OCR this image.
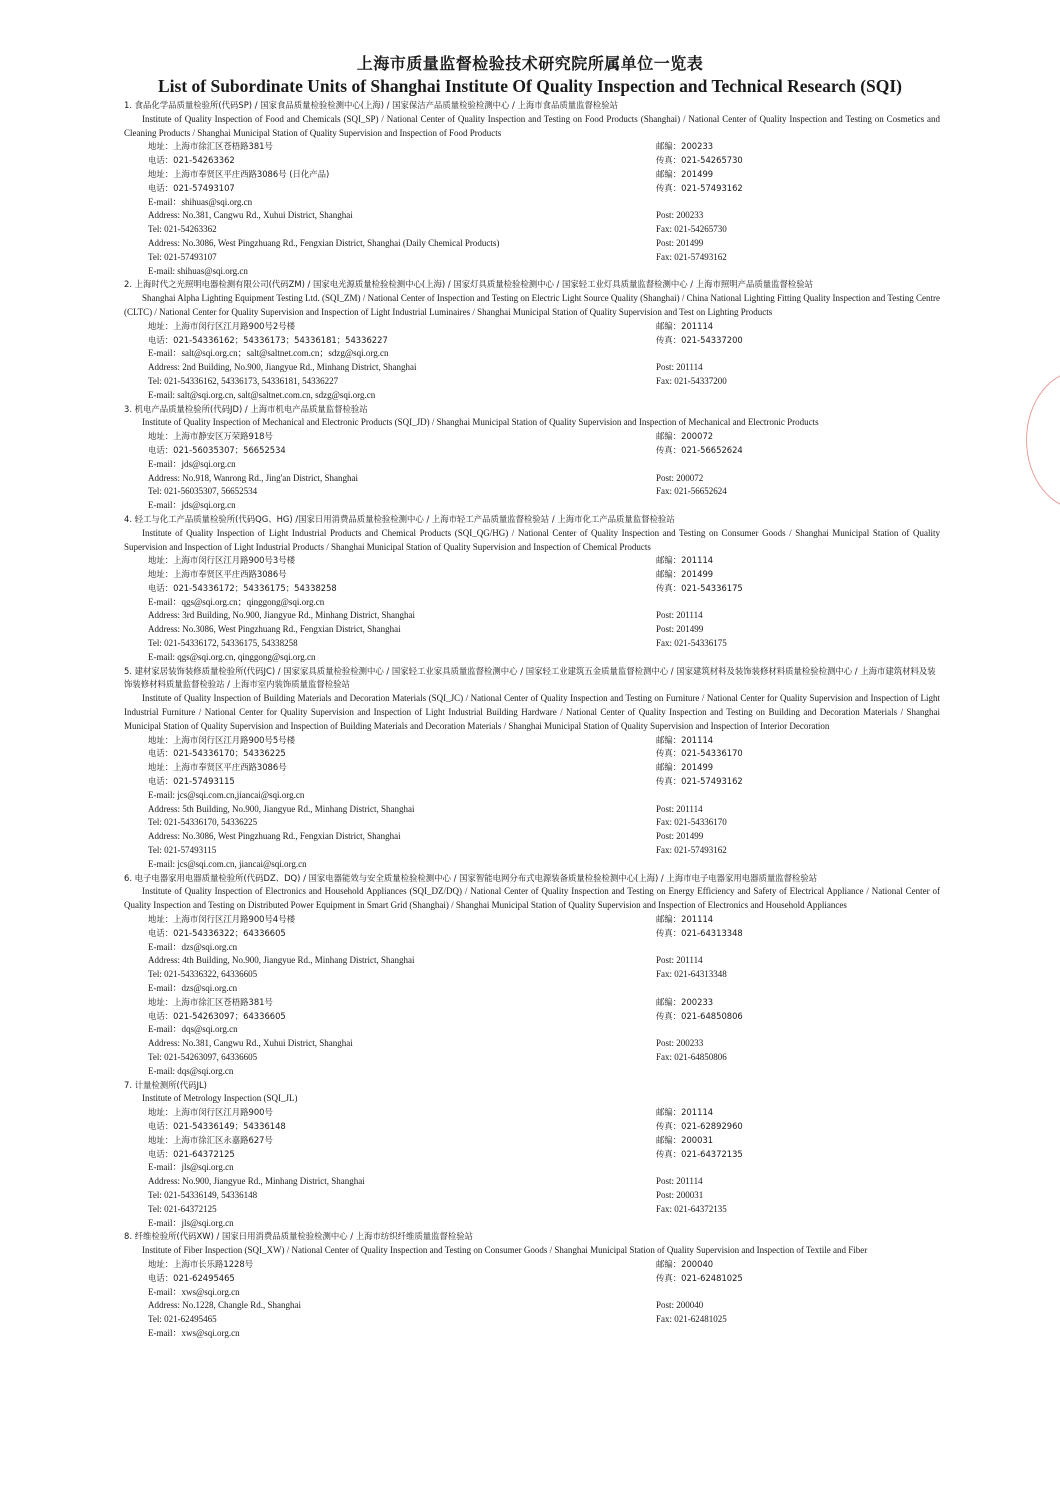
上海市质量监督检验技术研究院所属单位一览表
List of Subordinate Units of Shanghai Institute Of Quality Inspection and Technical Research (SQI)
1. 食品化学品质量检验所(代码SP) / 国家食品质量检验检测中心(上海) / 国家保洁产品质量检验检测中心 / 上海市食品质量监督检验站
Institute of Quality Inspection of Food and Chemicals (SQI_SP) / National Center of Quality Inspection and Testing on Food Products (Shanghai) / National Center of Quality Inspection and Testing on Cosmetics and Cleaning Products / Shanghai Municipal Station of Quality Supervision and Inspection of Food Products
地址：上海市徐汇区苍梧路381号	邮编：200233
电话：021-54263362	传真：021-54265730
地址：上海市奉贤区平庄西路3086号 (日化产品)	邮编：201499
电话：021-57493107	传真：021-57493162
E-mail：shihuas@sqi.org.cn
Address: No.381, Cangwu Rd., Xuhui District, Shanghai	Post: 200233
Tel: 021-54263362	Fax: 021-54265730
Address: No.3086, West Pingzhuang Rd., Fengxian District, Shanghai (Daily Chemical Products)	Post: 201499
Tel: 021-57493107	Fax: 021-57493162
E-mail: shihuas@sqi.org.cn
2. 上海时代之光照明电器检测有限公司(代码ZM) / 国家电光源质量检验检测中心(上海) / 国家灯具质量检验检测中心 / 国家轻工业灯具质量监督检测中心 / 上海市照明产品质量监督检验站
Shanghai Alpha Lighting Equipment Testing Ltd. (SQI_ZM) / National Center of Inspection and Testing on Electric Light Source Quality (Shanghai) / China National Lighting Fitting Quality Inspection and Testing Centre (CLTC) / National Center for Quality Supervision and Inspection of Light Industrial Luminaires / Shanghai Municipal Station of Quality Supervision and Test on Lighting Products
地址：上海市闵行区江月路900号2号楼	邮编：201114
电话：021-54336162；54336173；54336181；54336227	传真：021-54337200
E-mail：salt@sqi.org.cn；salt@saltnet.com.cn；sdzg@sqi.org.cn
Address: 2nd Building, No.900, Jiangyue Rd., Minhang District, Shanghai	Post: 201114
Tel: 021-54336162, 54336173, 54336181, 54336227	Fax: 021-54337200
E-mail: salt@sqi.org.cn, salt@saltnet.com.cn, sdzg@sqi.org.cn
3. 机电产品质量检验所(代码JD) / 上海市机电产品质量监督检验站
Institute of Quality Inspection of Mechanical and Electronic Products (SQI_JD) / Shanghai Municipal Station of Quality Supervision and Inspection of Mechanical and Electronic Products
地址：上海市静安区万荣路918号	邮编：200072
电话：021-56035307；56652534	传真：021-56652624
E-mail：jds@sqi.org.cn
Address: No.918, Wanrong Rd., Jing'an District, Shanghai	Post: 200072
Tel: 021-56035307, 56652534	Fax: 021-56652624
E-mail：jds@sqi.org.cn
4. 轻工与化工产品质量检验所(代码QG、HG) /国家日用消费品质量检验检测中心 / 上海市轻工产品质量监督检验站 / 上海市化工产品质量监督检验站
Institute of Quality Inspection of Light Industrial Products and Chemical Products (SQI_QG/HG) / National Center of Quality Inspection and Testing on Consumer Goods / Shanghai Municipal Station of Quality Supervision and Inspection of Light Industrial Products / Shanghai Municipal Station of Quality Supervision and Inspection of Chemical Products
地址：上海市闵行区江月路900号3号楼	邮编：201114
地址：上海市奉贤区平庄西路3086号	邮编：201499
电话：021-54336172；54336175；54338258	传真：021-54336175
E-mail：qgs@sqi.org.cn；qinggong@sqi.org.cn
Address: 3rd Building, No.900, Jiangyue Rd., Minhang District, Shanghai	Post: 201114
Address: No.3086, West Pingzhuang Rd., Fengxian District, Shanghai	Post: 201499
Tel: 021-54336172, 54336175, 54338258	Fax: 021-54336175
E-mail: qgs@sqi.org.cn, qinggong@sqi.org.cn
5. 建材家居装饰装修质量检验所(代码JC) / 国家家具质量检验检测中心 / 国家轻工业家具质量监督检测中心 / 国家轻工业建筑五金质量监督检测中心 / 国家建筑材料及装饰装修材料质量检验检测中心 / 上海市建筑材料及装饰装修材料质量监督检验站 / 上海市室内装饰质量监督检验站
Institute of Quality Inspection of Building Materials and Decoration Materials (SQI_JC) / National Center of Quality Inspection and Testing on Furniture / National Center for Quality Supervision and Inspection of Light Industrial Furniture / National Center for Quality Supervision and Inspection of Light Industrial Building Hardware / National Center of Quality Inspection and Testing on Building and Decoration Materials / Shanghai Municipal Station of Quality Supervision and Inspection of Building Materials and Decoration Materials / Shanghai Municipal Station of Quality Supervision and Inspection of Interior Decoration
地址：上海市闵行区江月路900号5号楼	邮编：201114
电话：021-54336170；54336225	传真：021-54336170
地址：上海市奉贤区平庄西路3086号	邮编：201499
电话：021-57493115	传真：021-57493162
E-mail: jcs@sqi.com.cn,jiancai@sqi.org.cn
Address: 5th Building, No.900, Jiangyue Rd., Minhang District, Shanghai	Post: 201114
Tel: 021-54336170, 54336225	Fax: 021-54336170
Address: No.3086, West Pingzhuang Rd., Fengxian District, Shanghai	Post: 201499
Tel: 021-57493115	Fax: 021-57493162
E-mail: jcs@sqi.com.cn, jiancai@sqi.org.cn
6. 电子电器家用电器质量检验所(代码DZ、DQ) / 国家电器能效与安全质量检验检测中心 / 国家智能电网分布式电源装备质量检验检测中心(上海) / 上海市电子电器家用电器质量监督检验站
Institute of Quality Inspection of Electronics and Household Appliances (SQI_DZ/DQ) / National Center of Quality Inspection and Testing on Energy Efficiency and Safety of Electrical Appliance / National Center of Quality Inspection and Testing on Distributed Power Equipment in Smart Grid (Shanghai) / Shanghai Municipal Station of Quality Supervision and Inspection of Electronics and Household Appliances
地址：上海市闵行区江月路900号4号楼	邮编：201114
电话：021-54336322；64336605	传真：021-64313348
E-mail：dzs@sqi.org.cn
Address: 4th Building, No.900, Jiangyue Rd., Minhang District, Shanghai	Post: 201114
Tel: 021-54336322, 64336605	Fax: 021-64313348
E-mail：dzs@sqi.org.cn
地址：上海市徐汇区苍梧路381号	邮编：200233
电话：021-54263097；64336605	传真：021-64850806
E-mail：dqs@sqi.org.cn
Address: No.381, Cangwu Rd., Xuhui District, Shanghai	Post: 200233
Tel: 021-54263097, 64336605	Fax: 021-64850806
E-mail: dqs@sqi.org.cn
7. 计量检测所(代码JL)
Institute of Metrology Inspection (SQI_JL)
地址：上海市闵行区江月路900号	邮编：201114
电话：021-54336149；54336148	传真：021-62892960
地址：上海市徐汇区永嘉路627号	邮编：200031
电话：021-64372125	传真：021-64372135
E-mail：jls@sqi.org.cn
Address: No.900, Jiangyue Rd., Minhang District, Shanghai	Post: 201114
Tel: 021-54336149, 54336148	Post: 200031
Tel: 021-64372125	Fax: 021-64372135
E-mail：jls@sqi.org.cn
8. 纤维检验所(代码XW) / 国家日用消费品质量检验检测中心 / 上海市纺织纤维质量监督检验站
Institute of Fiber Inspection (SQI_XW) / National Center of Quality Inspection and Testing on Consumer Goods / Shanghai Municipal Station of Quality Supervision and Inspection of Textile and Fiber
地址：上海市长乐路1228号	邮编：200040
电话：021-62495465	传真：021-62481025
E-mail：xws@sqi.org.cn
Address: No.1228, Changle Rd., Shanghai	Post: 200040
Tel: 021-62495465	Fax: 021-62481025
E-mail：xws@sqi.org.cn
